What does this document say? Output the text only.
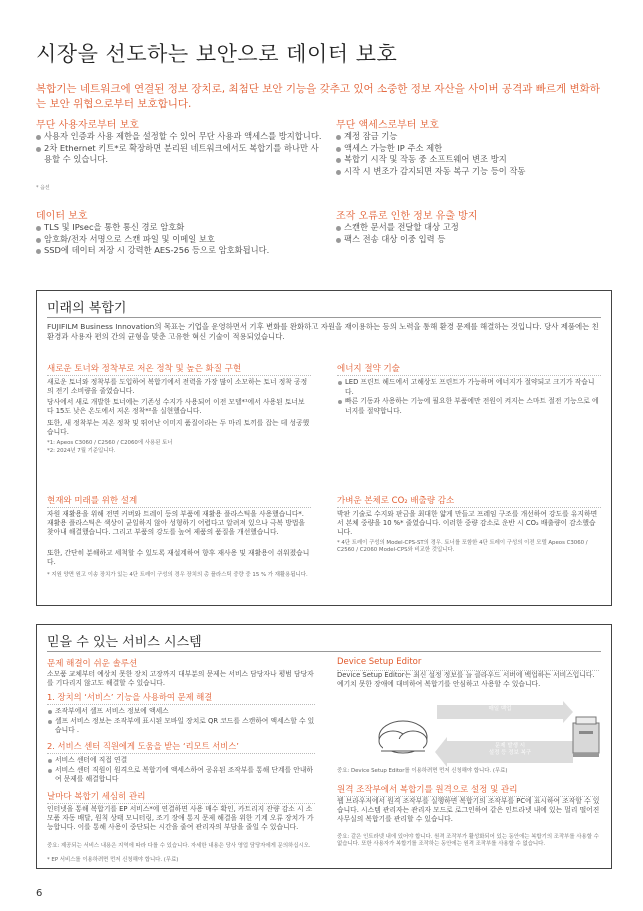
시장을 선도하는 보안으로 데이터 보호
복합기는 네트워크에 연결된 정보 장치로, 최첨단 보안 기능을 갖추고 있어 소중한 정보 자산을 사이버 공격과 빠르게 변화하는 보안 위협으로부터 보호합니다.
무단 사용자로부터 보호
사용자 인증과 사용 제한을 설정할 수 있어 무단 사용과 액세스를 방지합니다.
2차 Ethernet 키트*로 확장하면 분리된 네트워크에서도 복합기를 하나만 사용할 수 있습니다.
* 옵션
무단 액세스로부터 보호
계정 잠금 기능
액세스 가능한 IP 주소 제한
복합기 시작 및 작동 중 소프트웨어 변조 방지
시작 시 변조가 감지되면 자동 복구 기능 등이 작동
데이터 보호
TLS 및 IPsec을 통한 통신 경로 암호화
암호화/전자 서명으로 스캔 파일 및 이메일 보호
SSD에 데이터 저장 시 강력한 AES-256 등으로 암호화됩니다.
조작 오류로 인한 정보 유출 방지
스캔한 문서를 전달할 대상 고정
팩스 전송 대상 이중 입력 등
미래의 복합기
FUJIFILM Business Innovation의 목표는 기업을 운영하면서 기후 변화를 완화하고 자원을 재이용하는 등의 노력을 통해 환경 문제를 해결하는 것입니다. 당사 제품에는 친환경과 사용자 편의 간의 균형을 맞춘 고유한 혁신 기술이 적용되었습니다.
새로운 토너와 정착부로 저온 정착 및 높은 화질 구현
새로운 토너와 정착부를 도입하여 복합기에서 전력을 가장 많이 소모하는 토너 정착 공정의 전기 소비량을 줄였습니다.
당사에서 새로 개발한 토너에는 기존성 수지가 사용되어 이전 모델*¹에서 사용된 토너보다 15도 낮은 온도에서 저온 정착*²을 실현했습니다.
또한, 새 정착부는 저온 정착 및 뛰어난 이미지 품질이라는 두 마리 토끼를 잡는 데 성공했습니다.
*1: Apeos C3060 / C2560 / C2060에 사용된 토너
*2: 2024년 7월 기준입니다.
에너지 절약 기술
LED 프린트 헤드에서 고해상도 프린트가 가능하며 에너지가 절약되고 크기가 작습니다.
빠른 기동과 사용하는 기능에 필요한 부품에만 전원이 켜지는 스마트 절전 기능으로 에너지를 절약합니다.
현재와 미래를 위한 설계
자원 재활용을 위해 전면 커버와 트레이 등의 부품에 재활용 플라스틱을 사용했습니다*. 재활용 플라스틱은 색상이 균일하지 않아 성형하기 어렵다고 알려져 있으나 극복 방법을 찾아내 해결했습니다. 그리고 부품의 강도를 높여 제품의 품질을 개선했습니다.
또한, 간단히 분해하고 세척할 수 있도록 재설계하여 향후 재사용 및 재활용이 쉬워졌습니다.
* 지원 양면 원고 이송 장치가 있는 4단 트레이 구성의 경우 장치의 총 플라스틱 중량 중 15 % 가 재활용됩니다.
가벼운 본체로 CO₂ 배출량 감소
박판 기술로 수지와 판금을 최대한 얇게 만들고 프레임 구조를 개선하여 강도를 유지하면서 본체 중량을 10 %* 줄였습니다. 이러한 중량 감소로 운반 시 CO₂ 배출량이 감소했습니다.
* 4단 트레이 구성의 Model-CPS-ST의 경우. 토너를 포함한 4단 트레이 구성의 이전 모델 Apeos C3060 / C2560 / C2060 Model-CPS와 비교한 것입니다.
믿을 수 있는 서비스 시스템
문제 해결이 쉬운 솔루션
소모품 교체부터 예상치 못한 장치 고장까지 대부분의 문제는 서비스 담당자나 평범 담당자를 기다리지 않고도 해결할 수 있습니다.
1. 장치의 ‘서비스’ 기능을 사용하여 문제 해결
조작부에서 셀프 서비스 정보에 액세스
셀프 서비스 정보는 조작부에 표시된 모바일 장치로 QR 코드를 스캔하여 액세스할 수 있습니다 .
2. 서비스 센터 직원에게 도움을 받는 ‘리모트 서비스’
서비스 센터에 직접 연결
서비스 센터 직원이 원격으로 복합기에 액세스하여 공유된 조작부를 통해 단계를 안내하여 문제를 해결합니다
날마다 복합기 세심히 관리
인터넷을 통해 복합기를 EP 서비스*에 연결하면 사용 매수 확인, 카트리지 잔량 감소 시 소모품 자동 배달, 원칙 상태 모니터링, 조기 장애 통지 문제 해결을 위한 기계 오류 장치가 가능합니다. 이를 통해 사용이 중단되는 시간을 줄여 관리자의 부담을 줄일 수 있습니다.
중요: 제공되는 서비스 내용은 지역에 따라 다를 수 있습니다. 자세한 내용은 당사 영업 담당자에게 문의하십시오.
* EP 서비스를 이용하려면 먼저 신청해야 합니다. (무료)
Device Setup Editor
Device Setup Editor는 최신 설정 정보를 늘 클라우드 서버에 백업하는 서비스입니다. 예기치 못한 장애에 대비하여 복합기를 안심하고 사용할 수 있습니다.
매일 백업
문제 발생 시
설정 등 정보 복구
중요: Device Setup Editor를 이용하려면 먼저 신청해야 합니다. (무료)
원격 조작부에서 복합기를 원격으로 설정 및 관리
웹 브라우저에서 원격 조작부를 실행하면 복합기의 조작부를 PC에 표시하여 조작할 수 있습니다. 시스템 관리자는 관리자 모드로 로그인하여 같은 인트라넷 내에 있는 멀리 떨어진 사무실의 복합기를 관리할 수 있습니다.
중요: 같은 인트라넷 내에 있어야 합니다. 원격 조작부가 활성화되어 있는 동안에는 복합기의 조작부를 사용할 수 없습니다. 또한 사용자가 복합기를 조작하는 동안에는 원격 조작부를 사용할 수 없습니다.
6
